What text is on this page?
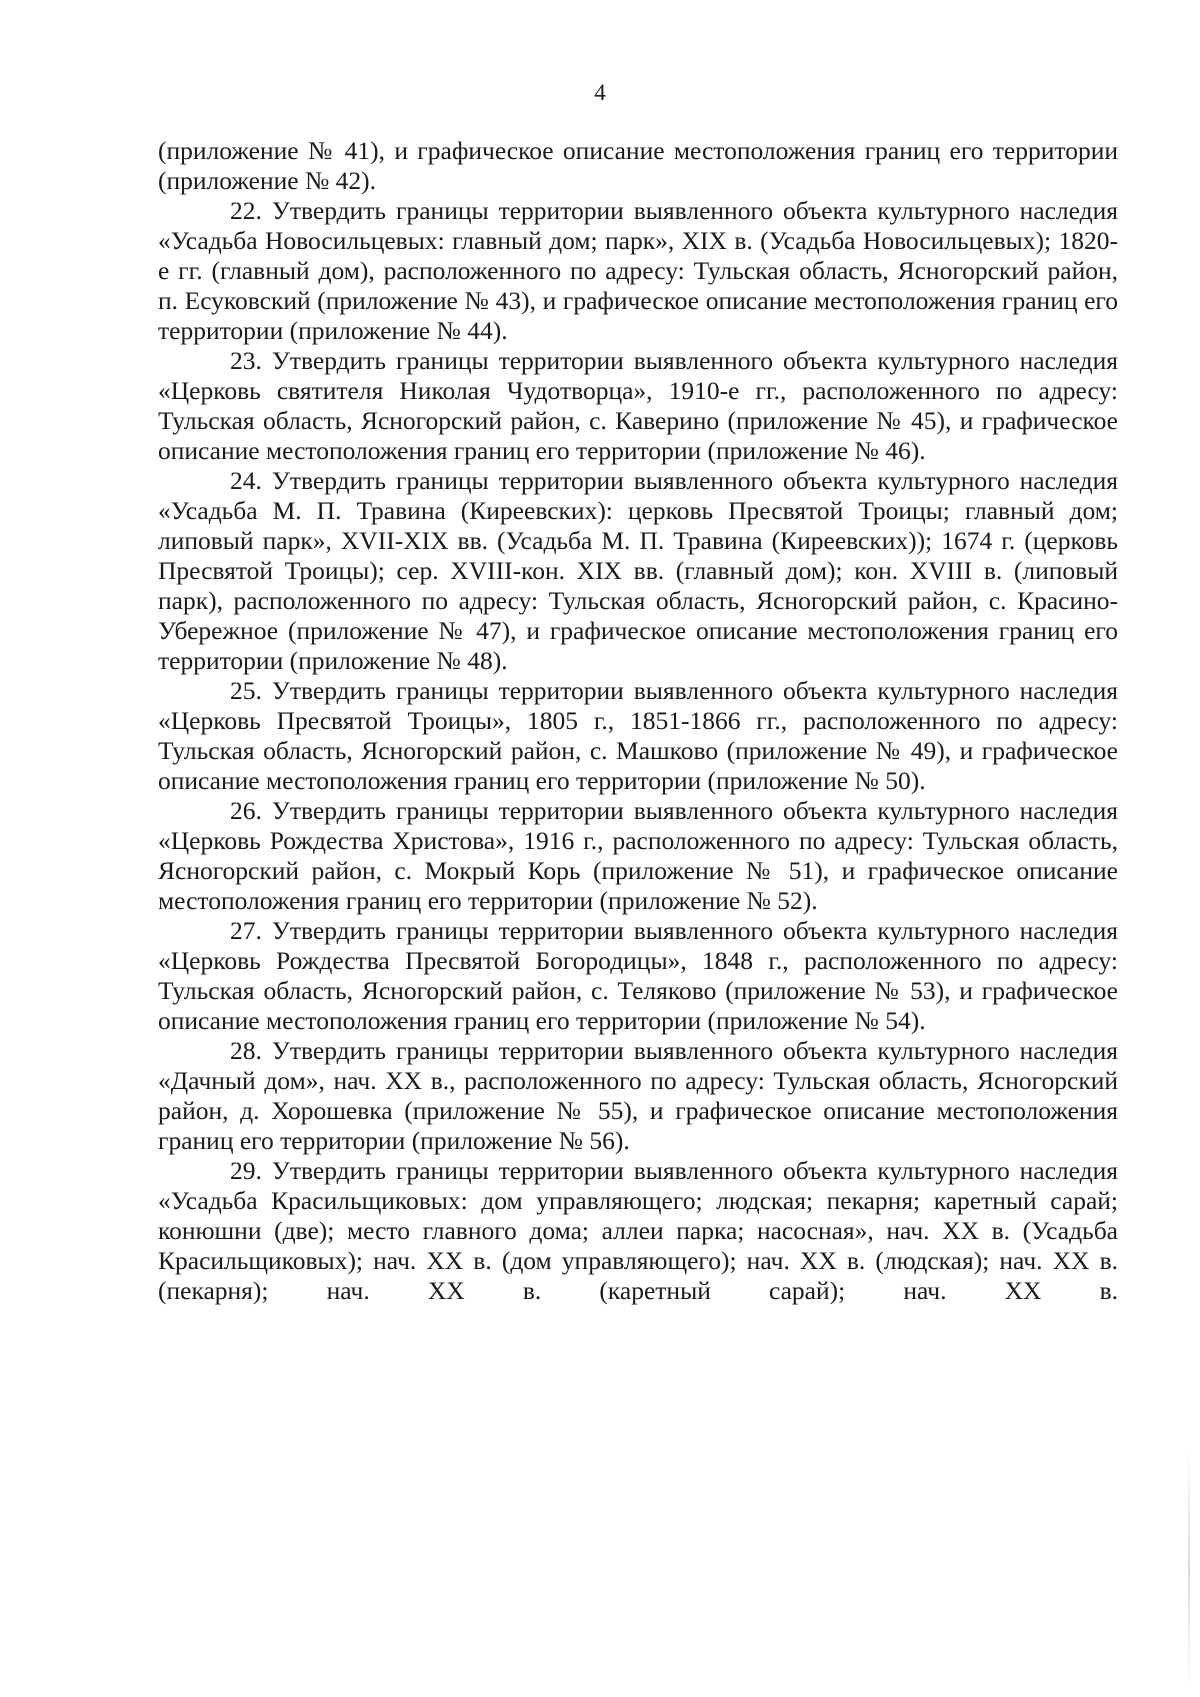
4

(приложение № 41), и графическое описание местоположения границ его территории (приложение № 42).

22. Утвердить границы территории выявленного объекта культурного наследия «Усадьба Новосильцевых: главный дом; парк», XIX в. (Усадьба Новосильцевых); 1820-е гг. (главный дом), расположенного по адресу: Тульская область, Ясногорский район, п. Есуковский (приложение № 43), и графическое описание местоположения границ его территории (приложение № 44).

23. Утвердить границы территории выявленного объекта культурного наследия «Церковь святителя Николая Чудотворца», 1910-е гг., расположенного по адресу: Тульская область, Ясногорский район, с. Каверино (приложение № 45), и графическое описание местоположения границ его территории (приложение № 46).

24. Утвердить границы территории выявленного объекта культурного наследия «Усадьба М. П. Травина (Киреевских): церковь Пресвятой Троицы; главный дом; липовый парк», XVII-XIX вв. (Усадьба М. П. Травина (Киреевских)); 1674 г. (церковь Пресвятой Троицы); сер. XVIII-кон. XIX вв. (главный дом); кон. XVIII в. (липовый парк), расположенного по адресу: Тульская область, Ясногорский район, с. Красино-Убережное (приложение № 47), и графическое описание местоположения границ его территории (приложение № 48).

25. Утвердить границы территории выявленного объекта культурного наследия «Церковь Пресвятой Троицы», 1805 г., 1851-1866 гг., расположенного по адресу: Тульская область, Ясногорский район, с. Машково (приложение № 49), и графическое описание местоположения границ его территории (приложение № 50).

26. Утвердить границы территории выявленного объекта культурного наследия «Церковь Рождества Христова», 1916 г., расположенного по адресу: Тульская область, Ясногорский район, с. Мокрый Корь (приложение № 51), и графическое описание местоположения границ его территории (приложение № 52).

27. Утвердить границы территории выявленного объекта культурного наследия «Церковь Рождества Пресвятой Богородицы», 1848 г., расположенного по адресу: Тульская область, Ясногорский район, с. Теляково (приложение № 53), и графическое описание местоположения границ его территории (приложение № 54).

28. Утвердить границы территории выявленного объекта культурного наследия «Дачный дом», нач. XX в., расположенного по адресу: Тульская область, Ясногорский район, д. Хорошевка (приложение № 55), и графическое описание местоположения границ его территории (приложение № 56).

29. Утвердить границы территории выявленного объекта культурного наследия «Усадьба Красильщиковых: дом управляющего; людская; пекарня; каретный сарай; конюшни (две); место главного дома; аллеи парка; насосная», нач. XX в. (Усадьба Красильщиковых); нач. XX в. (дом управляющего); нач. XX в. (людская); нач. XX в. (пекарня); нач. XX в. (каретный сарай); нач. XX в.
